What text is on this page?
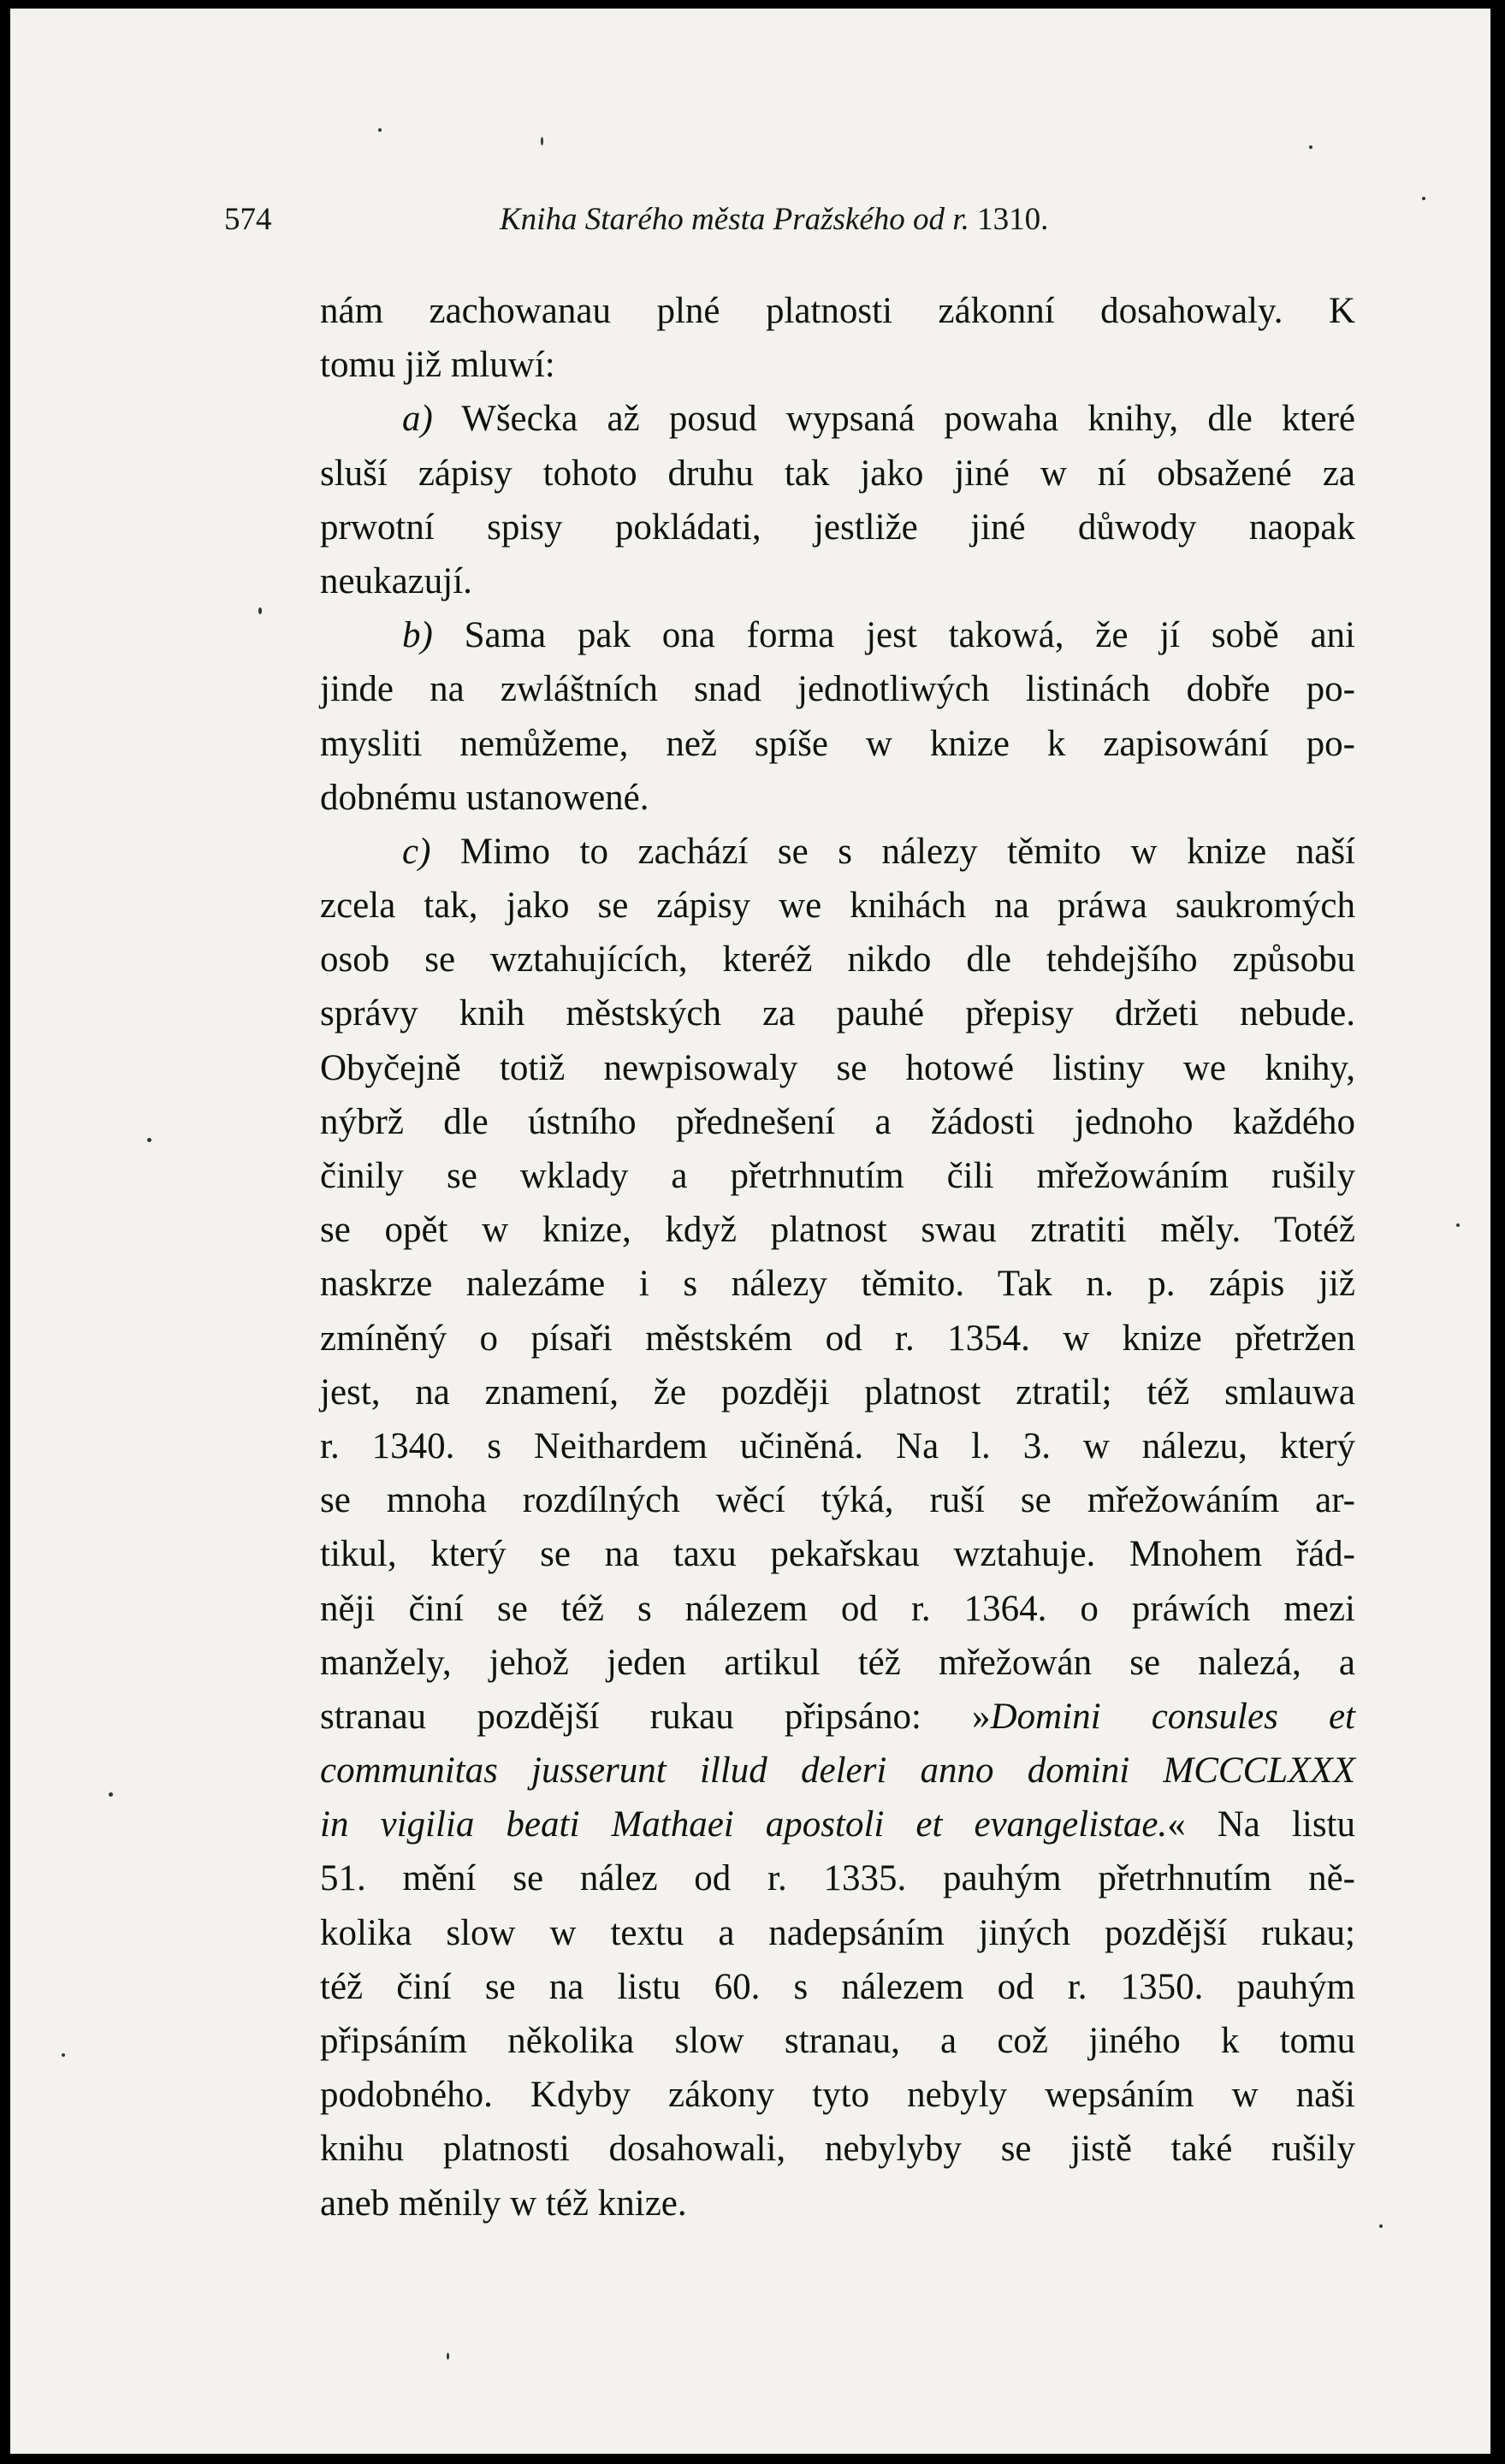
574	Kniha Starého města Pražského od r. 1310.
nám zachowanau plné platnosti zákonní dosahowaly. K
tomu již mluwí:
a) Wšecka až posud wypsaná powaha knihy, dle které
sluší zápisy tohoto druhu tak jako jiné w ní obsažené za
prwotní spisy pokládati, jestliže jiné důwody naopak
neukazují.
b) Sama pak ona forma jest takowá, že jí sobě ani
jinde na zwláštních snad jednotliwých listinách dobře po-
mysliti nemůžeme, než spíše w knize k zapisowání po-
dobnému ustanowené.
c) Mimo to zachází se s nálezy těmito w knize naší
zcela tak, jako se zápisy we knihách na práwa saukromých
osob se wztahujících, kteréž nikdo dle tehdejšího způsobu
správy knih městských za pauhé přepisy držeti nebude.
Obyčejně totiž newpisowaly se hotowé listiny we knihy,
nýbrž dle ústního přednešení a žádosti jednoho každého
činily se wklady a přetrhnutím čili mřežowáním rušily
se opět w knize, když platnost swau ztratiti měly. Totéž
naskrze nalezáme i s nálezy těmito. Tak n. p. zápis již
zmíněný o písaři městském od r. 1354. w knize přetržen
jest, na znamení, že později platnost ztratil; též smlauwa
r. 1340. s Neithardem učiněná. Na l. 3. w nálezu, který
se mnoha rozdílných wěcí týká, ruší se mřežowáním ar-
tikul, který se na taxu pekařskau wztahuje. Mnohem řád-
něji činí se též s nálezem od r. 1364. o práwích mezi
manžely, jehož jeden artikul též mřežowán se nalezá, a
stranau pozdější rukau připsáno: »Domini consules et
communitas jusserunt illud deleri anno domini MCCCLXXX
in vigilia beati Mathaei apostoli et evangelistae.« Na listu
51. mění se nález od r. 1335. pauhým přetrhnutím ně-
kolika slow w textu a nadepsáním jiných pozdější rukau;
též činí se na listu 60. s nálezem od r. 1350. pauhým
připsáním několika slow stranau, a což jiného k tomu
podobného. Kdyby zákony tyto nebyly wepsáním w naši
knihu platnosti dosahowali, nebylyby se jistě také rušily
aneb měnily w též knize.
